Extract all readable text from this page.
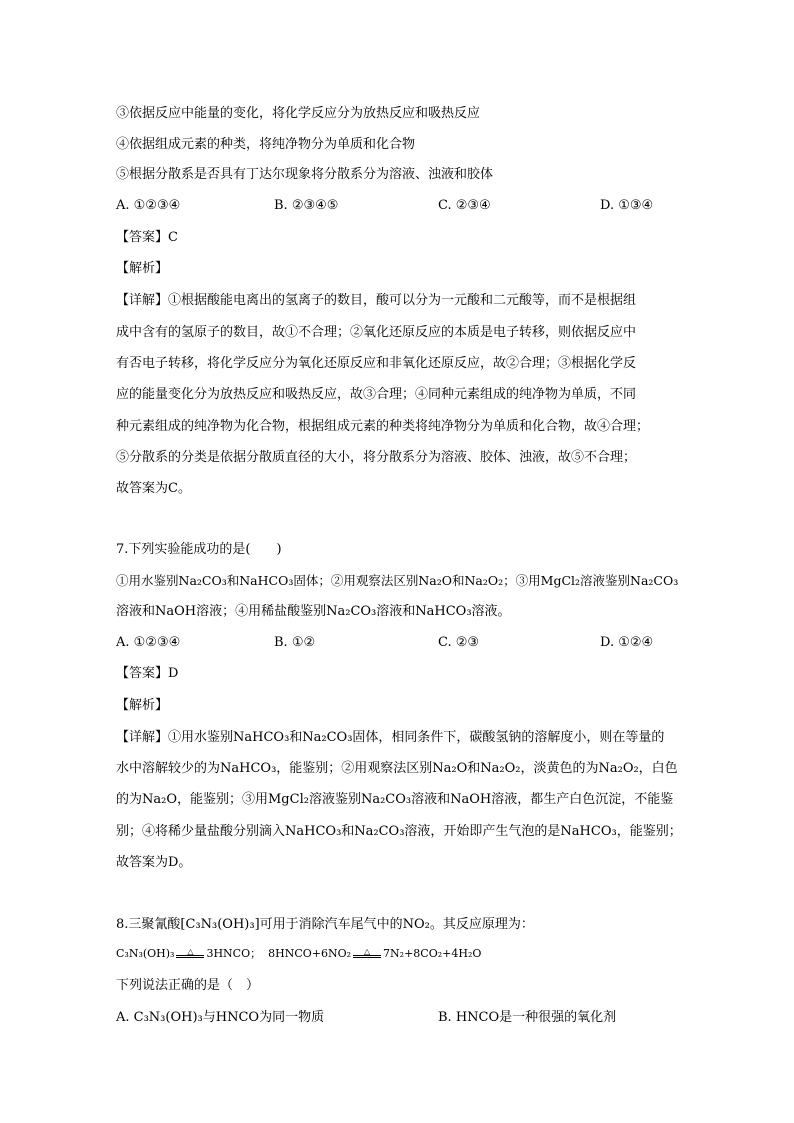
③依据反应中能量的变化，将化学反应分为放热反应和吸热反应
④依据组成元素的种类，将纯净物分为单质和化合物
⑤根据分散系是否具有丁达尔现象将分散系分为溶液、浊液和胶体
A. ①②③④	B. ②③④⑤	C. ②③④	D. ①③④
【答案】C
【解析】
【详解】①根据酸能电离出的氢离子的数目，酸可以分为一元酸和二元酸等，而不是根据组
成中含有的氢原子的数目，故①不合理；②氧化还原反应的本质是电子转移，则依据反应中
有否电子转移，将化学反应分为氧化还原反应和非氧化还原反应，故②合理；③根据化学反
应的能量变化分为放热反应和吸热反应，故③合理；④同种元素组成的纯净物为单质，不同
种元素组成的纯净物为化合物，根据组成元素的种类将纯净物分为单质和化合物，故④合理；
⑤分散系的分类是依据分散质直径的大小，将分散系分为溶液、胶体、浊液，故⑤不合理；
故答案为C。
7.下列实验能成功的是(　　)
①用水鉴别Na₂CO₃和NaHCO₃固体；②用观察法区别Na₂O和Na₂O₂；③用MgCl₂溶液鉴别Na₂CO₃
溶液和NaOH溶液；④用稀盐酸鉴别Na₂CO₃溶液和NaHCO₃溶液。
A. ①②③④	B. ①②	C. ②③	D. ①②④
【答案】D
【解析】
【详解】①用水鉴别NaHCO₃和Na₂CO₃固体，相同条件下，碳酸氢钠的溶解度小，则在等量的
水中溶解较少的为NaHCO₃，能鉴别；②用观察法区别Na₂O和Na₂O₂，淡黄色的为Na₂O₂，白色
的为Na₂O，能鉴别；③用MgCl₂溶液鉴别Na₂CO₃溶液和NaOH溶液，都生产白色沉淀，不能鉴
别；④将稀少量盐酸分别滴入NaHCO₃和Na₂CO₃溶液，开始即产生气泡的是NaHCO₃，能鉴别；
故答案为D。
8.三聚氰酸[C₃N₃(OH)₃]可用于消除汽车尾气中的NO₂。其反应原理为：
C₃N₃(OH)₃	△	3HNCO； 8HNCO+6NO₂	△	7N₂+8CO₂+4H₂O
下列说法正确的是（　）
A. C₃N₃(OH)₃与HNCO为同一物质	B. HNCO是一种很强的氧化剂
